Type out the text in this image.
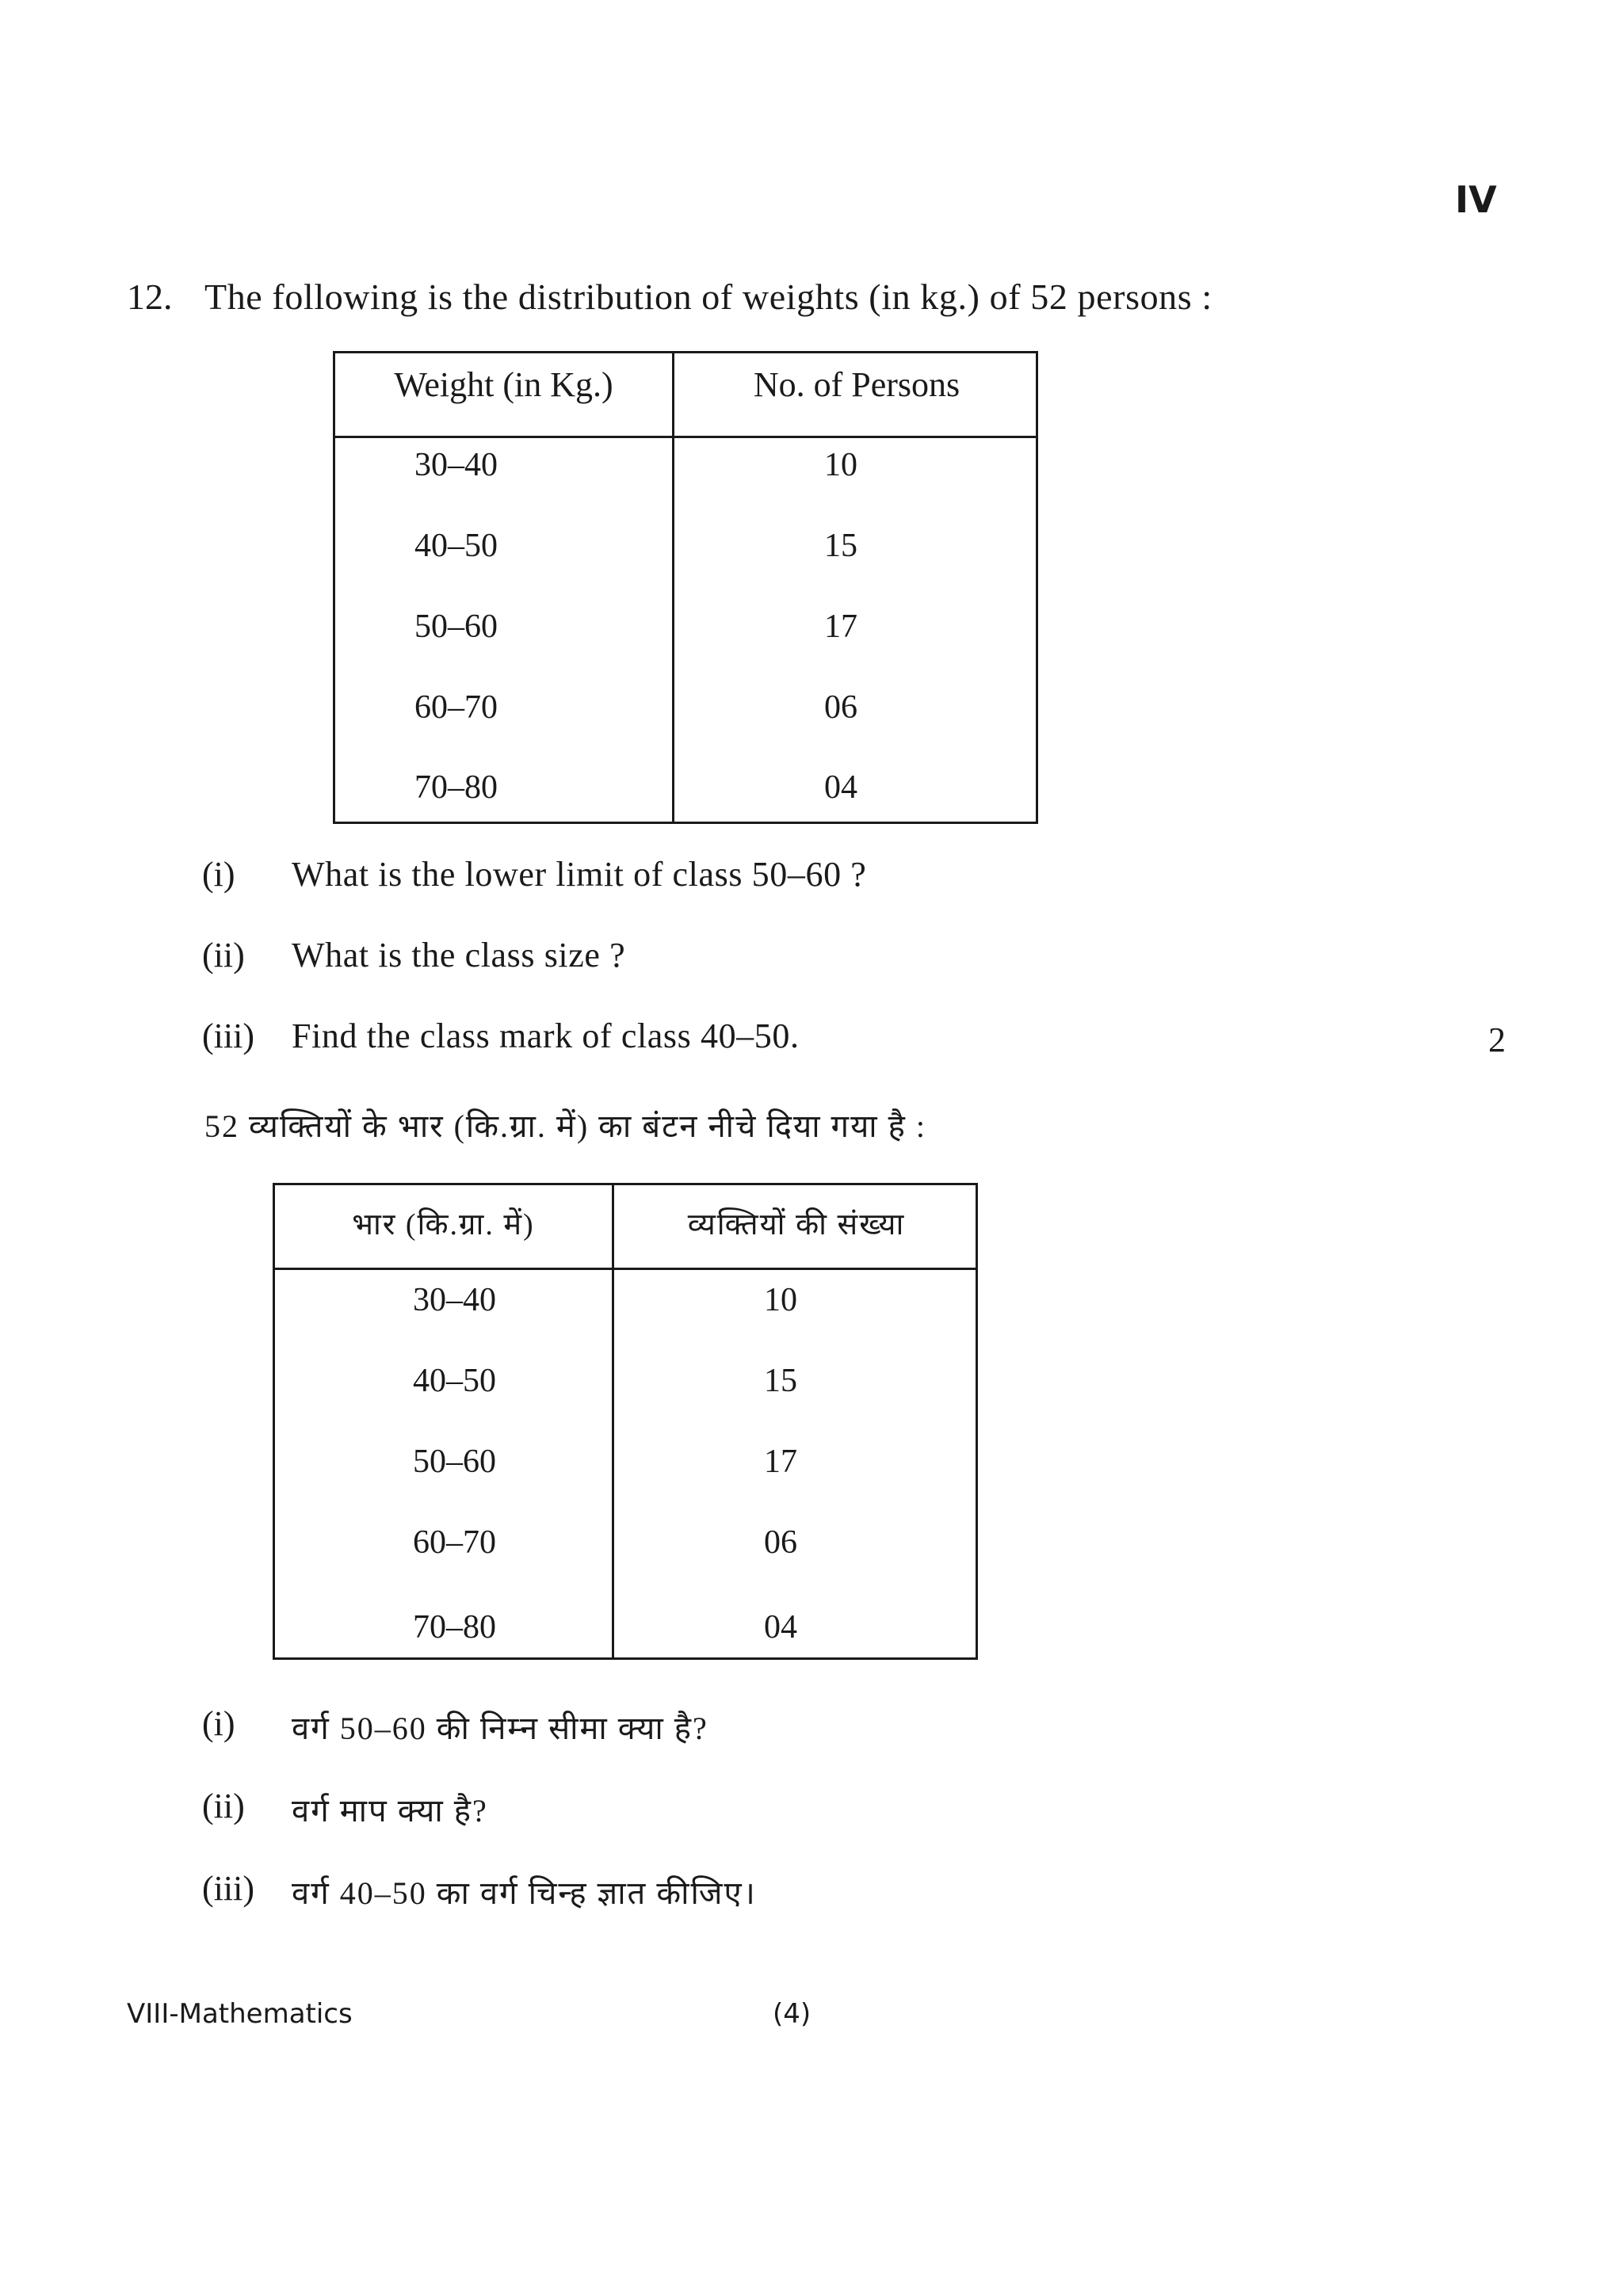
IV
12. The following is the distribution of weights (in kg.) of 52 persons :
Weight (in Kg.)	No. of Persons
30–40	10
40–50	15
50–60	17
60–70	06
70–80	04
(i) What is the lower limit of class 50–60 ?
(ii) What is the class size ?
(iii) Find the class mark of class 40–50.	2
52 व्यक्तियों के भार (कि.ग्रा. में) का बंटन नीचे दिया गया है :
भार (कि.ग्रा. में)	व्यक्तियों की संख्या
30–40	10
40–50	15
50–60	17
60–70	06
70–80	04
(i) वर्ग 50–60 की निम्न सीमा क्या है?
(ii) वर्ग माप क्या है?
(iii) वर्ग 40–50 का वर्ग चिन्ह ज्ञात कीजिए।
VIII-Mathematics	(4)
